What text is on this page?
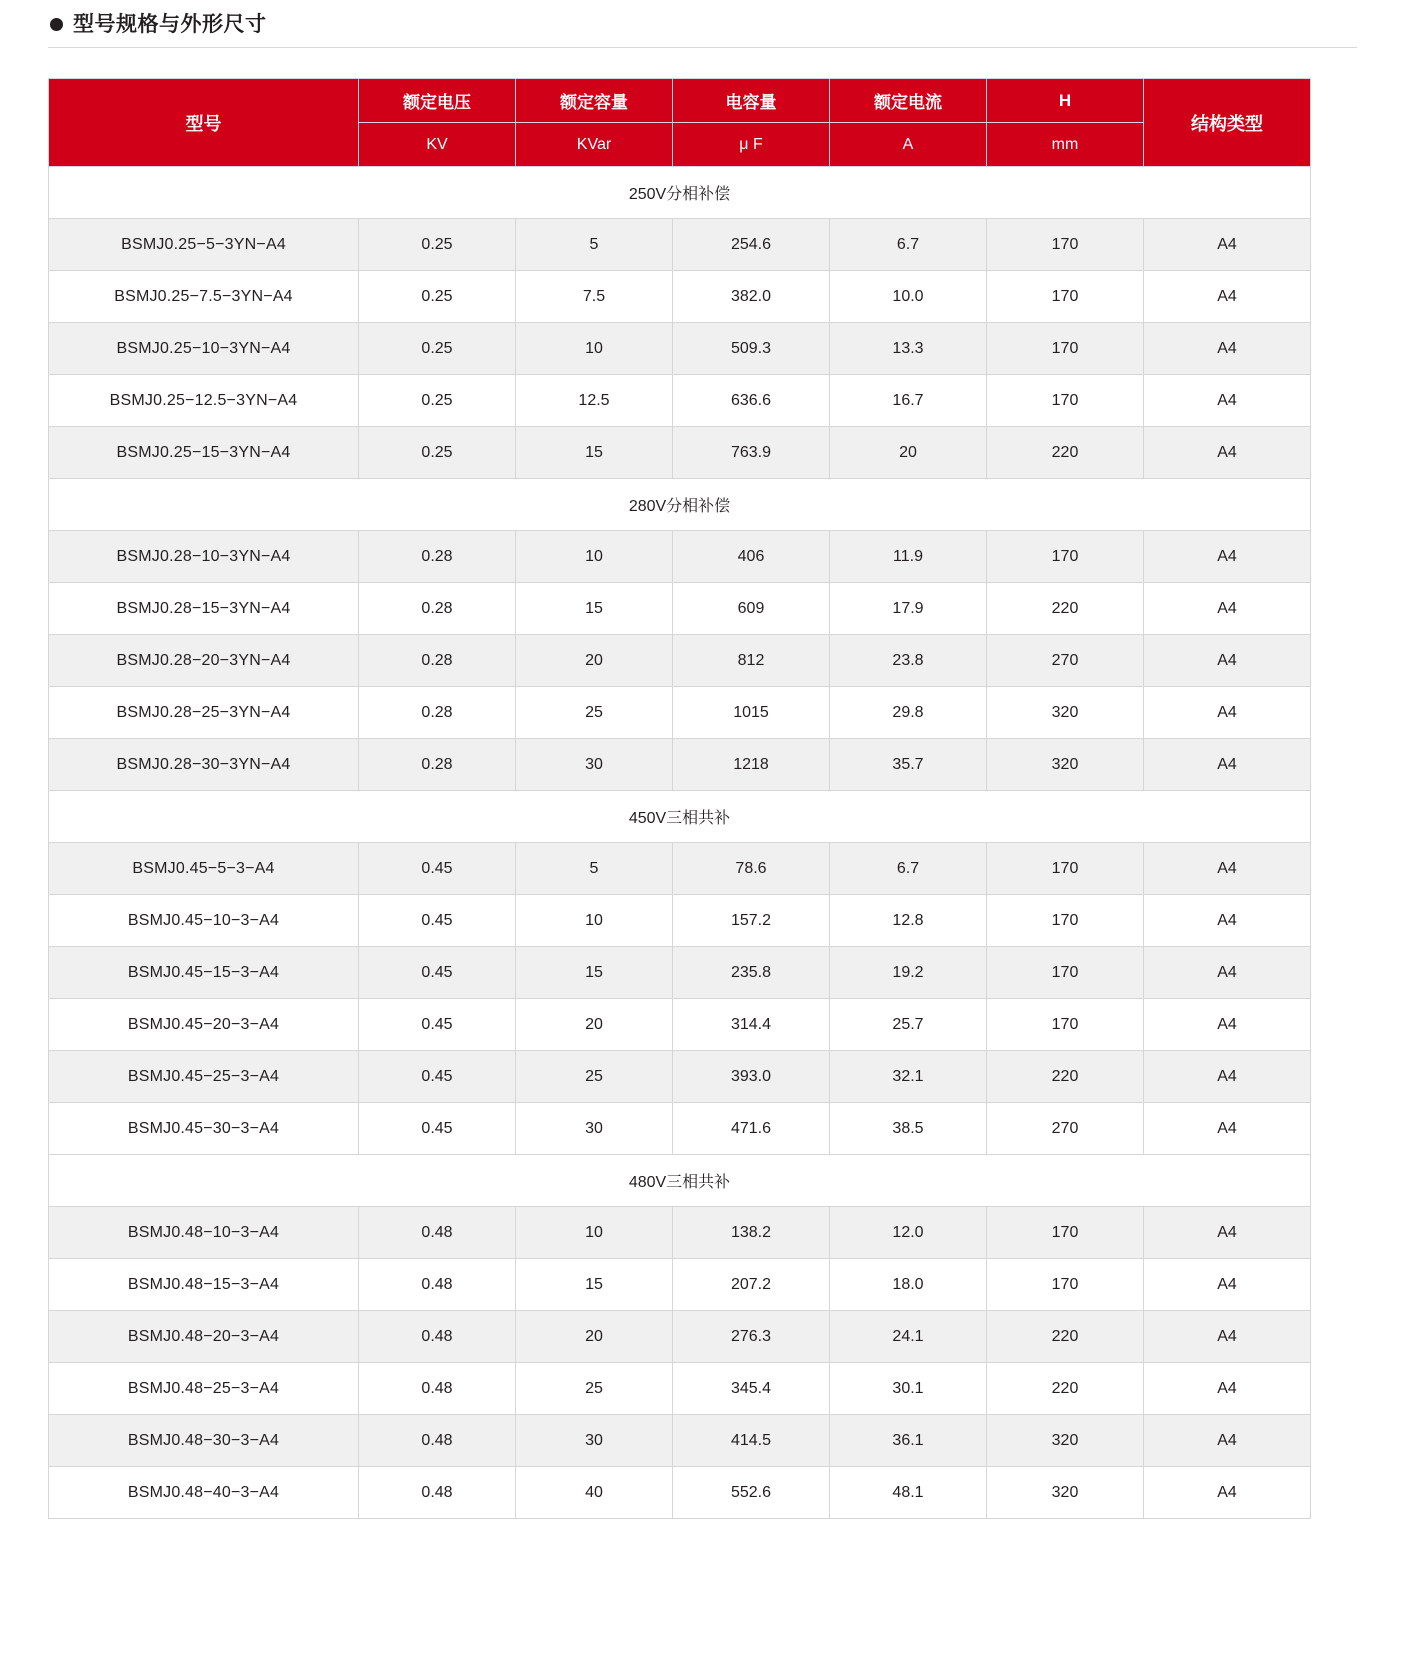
型号规格与外形尺寸
型号	额定电压	额定容量	电容量	额定电流	H	结构类型
	KV	KVar	μ F	A	mm	
250V分相补偿						
BSMJ0.25−5−3YN−A4	0.25	5	254.6	6.7	170	A4
BSMJ0.25−7.5−3YN−A4	0.25	7.5	382.0	10.0	170	A4
BSMJ0.25−10−3YN−A4	0.25	10	509.3	13.3	170	A4
BSMJ0.25−12.5−3YN−A4	0.25	12.5	636.6	16.7	170	A4
BSMJ0.25−15−3YN−A4	0.25	15	763.9	20	220	A4
280V分相补偿						
BSMJ0.28−10−3YN−A4	0.28	10	406	11.9	170	A4
BSMJ0.28−15−3YN−A4	0.28	15	609	17.9	220	A4
BSMJ0.28−20−3YN−A4	0.28	20	812	23.8	270	A4
BSMJ0.28−25−3YN−A4	0.28	25	1015	29.8	320	A4
BSMJ0.28−30−3YN−A4	0.28	30	1218	35.7	320	A4
450V三相共补						
BSMJ0.45−5−3−A4	0.45	5	78.6	6.7	170	A4
BSMJ0.45−10−3−A4	0.45	10	157.2	12.8	170	A4
BSMJ0.45−15−3−A4	0.45	15	235.8	19.2	170	A4
BSMJ0.45−20−3−A4	0.45	20	314.4	25.7	170	A4
BSMJ0.45−25−3−A4	0.45	25	393.0	32.1	220	A4
BSMJ0.45−30−3−A4	0.45	30	471.6	38.5	270	A4
480V三相共补						
BSMJ0.48−10−3−A4	0.48	10	138.2	12.0	170	A4
BSMJ0.48−15−3−A4	0.48	15	207.2	18.0	170	A4
BSMJ0.48−20−3−A4	0.48	20	276.3	24.1	220	A4
BSMJ0.48−25−3−A4	0.48	25	345.4	30.1	220	A4
BSMJ0.48−30−3−A4	0.48	30	414.5	36.1	320	A4
BSMJ0.48−40−3−A4	0.48	40	552.6	48.1	320	A4
